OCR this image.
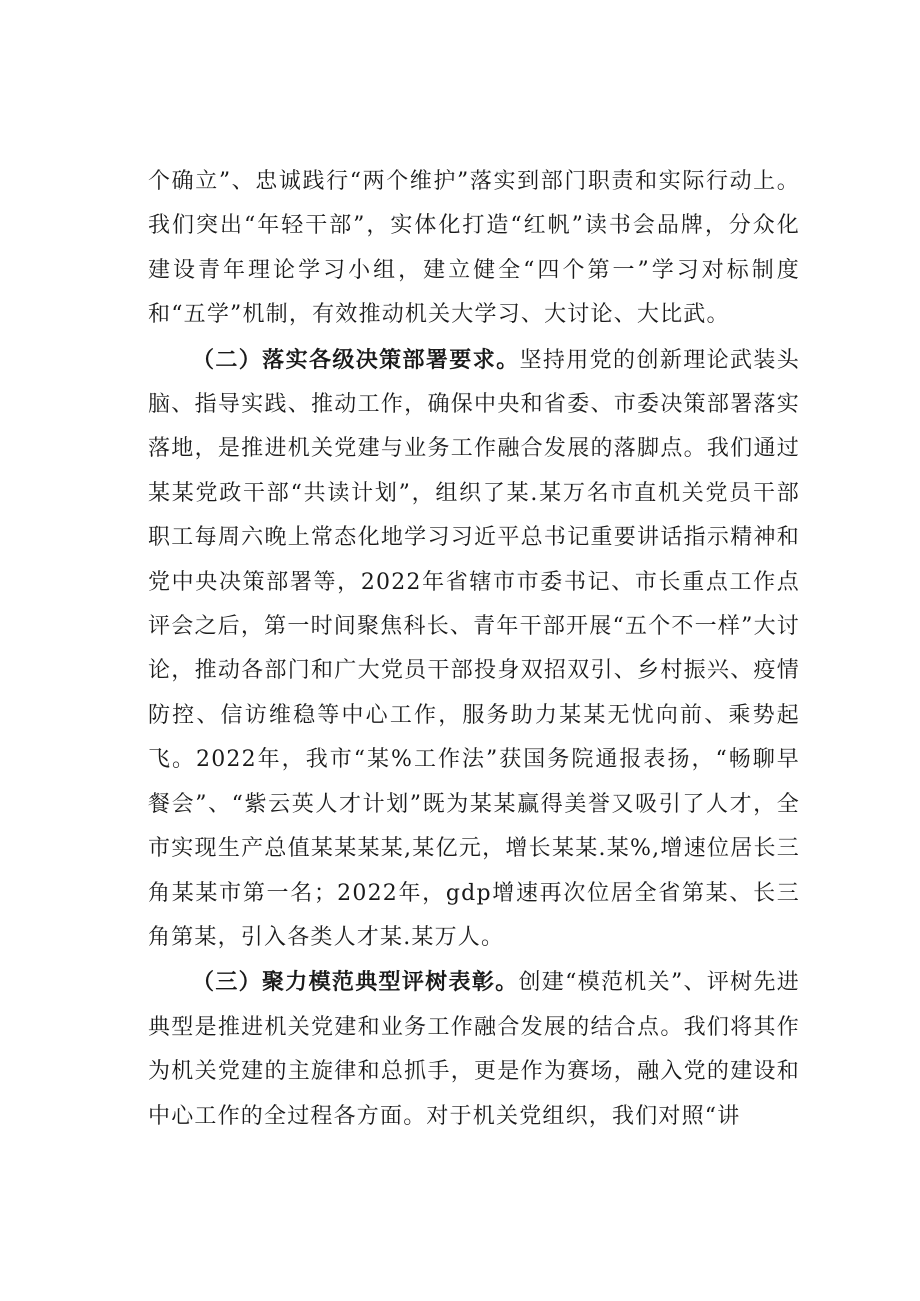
个确立”、忠诚践行“两个维护”落实到部门职责和实际行动上。我们突出“年轻干部”，实体化打造“红帆”读书会品牌，分众化建设青年理论学习小组，建立健全“四个第一”学习对标制度和“五学”机制，有效推动机关大学习、大讨论、大比武。

（二）落实各级决策部署要求。坚持用党的创新理论武装头脑、指导实践、推动工作，确保中央和省委、市委决策部署落实落地，是推进机关党建与业务工作融合发展的落脚点。我们通过某某党政干部“共读计划”，组织了某.某万名市直机关党员干部职工每周六晚上常态化地学习习近平总书记重要讲话指示精神和党中央决策部署等，2022年省辖市市委书记、市长重点工作点评会之后，第一时间聚焦科长、青年干部开展“五个不一样”大讨论，推动各部门和广大党员干部投身双招双引、乡村振兴、疫情防控、信访维稳等中心工作，服务助力某某无忧向前、乘势起飞。2022年，我市“某%工作法”获国务院通报表扬，“畅聊早餐会”、“紫云英人才计划”既为某某赢得美誉又吸引了人才，全市实现生产总值某某某某,某亿元，增长某某.某%,增速位居长三角某某市第一名；2022年，gdp增速再次位居全省第某、长三角第某，引入各类人才某.某万人。

（三）聚力模范典型评树表彰。创建“模范机关”、评树先进典型是推进机关党建和业务工作融合发展的结合点。我们将其作为机关党建的主旋律和总抓手，更是作为赛场，融入党的建设和中心工作的全过程各方面。对于机关党组织，我们对照“讲
